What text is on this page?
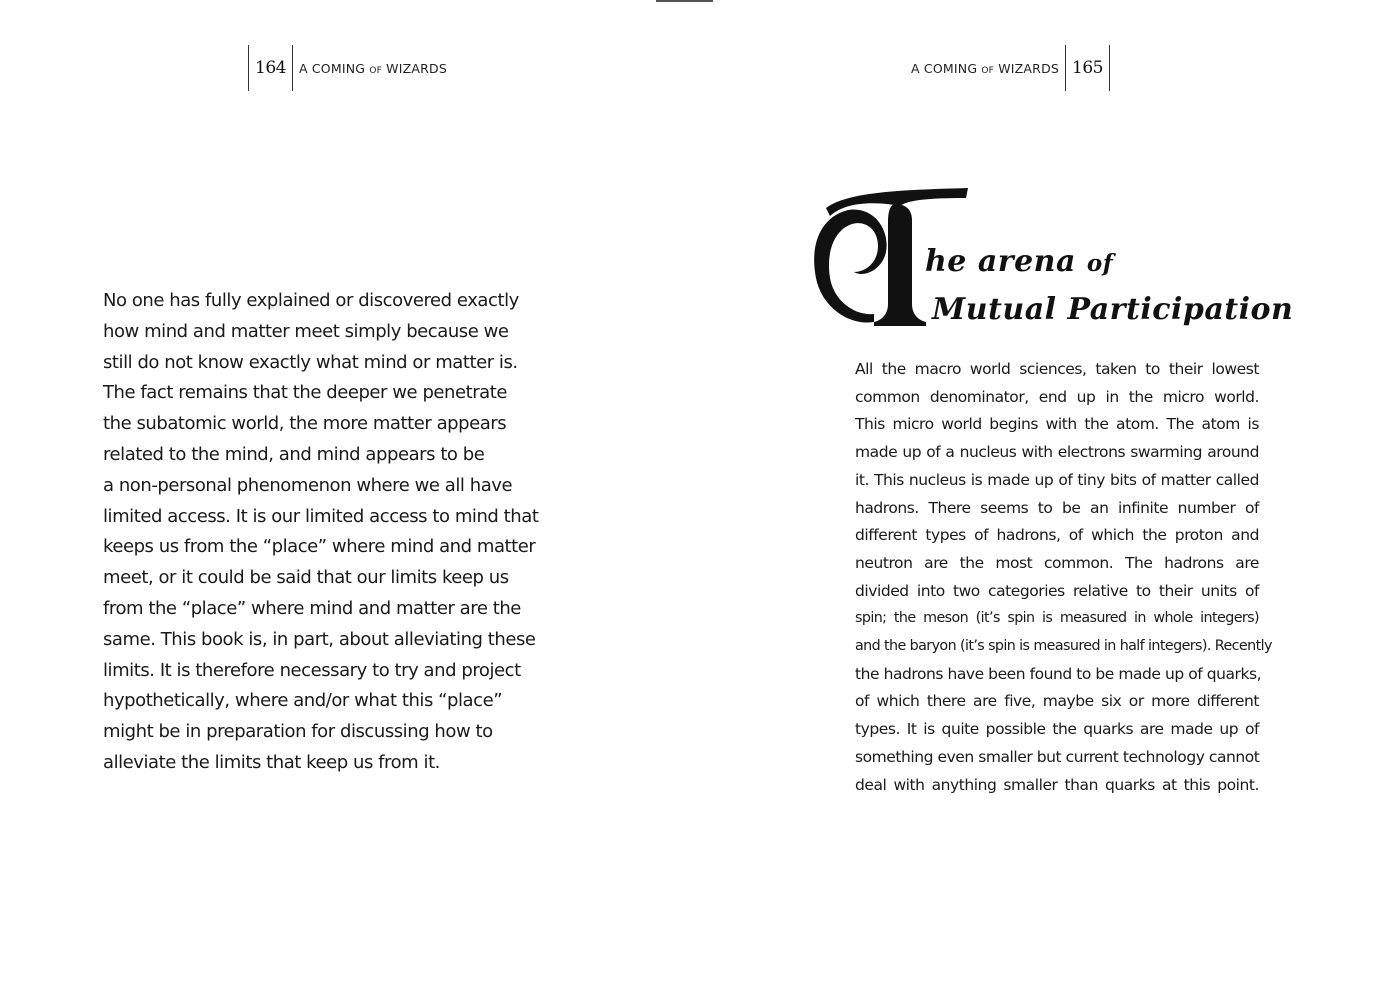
164	A COMING OF WIZARDS
No one has fully explained or discovered exactly
how mind and matter meet simply because we
still do not know exactly what mind or matter is.
The fact remains that the deeper we penetrate
the subatomic world, the more matter appears
related to the mind, and mind appears to be
a non-personal phenomenon where we all have
limited access. It is our limited access to mind that
keeps us from the “place” where mind and matter
meet, or it could be said that our limits keep us
from the “place” where mind and matter are the
same. This book is, in part, about alleviating these
limits. It is therefore necessary to try and project
hypothetically, where and/or what this “place”
might be in preparation for discussing how to
alleviate the limits that keep us from it.
A COMING OF WIZARDS 165
he arena of
Mutual Participation
All the macro world sciences, taken to their lowest
common denominator, end up in the micro world.
This micro world begins with the atom. The atom is
made up of a nucleus with electrons swarming around
it. This nucleus is made up of tiny bits of matter called
hadrons. There seems to be an infinite number of
different types of hadrons, of which the proton and
neutron are the most common. The hadrons are
divided into two categories relative to their units of
spin; the meson (it’s spin is measured in whole integers)
and the baryon (it’s spin is measured in half integers). Recently
the hadrons have been found to be made up of quarks,
of which there are five, maybe six or more different
types. It is quite possible the quarks are made up of
something even smaller but current technology cannot
deal with anything smaller than quarks at this point.
